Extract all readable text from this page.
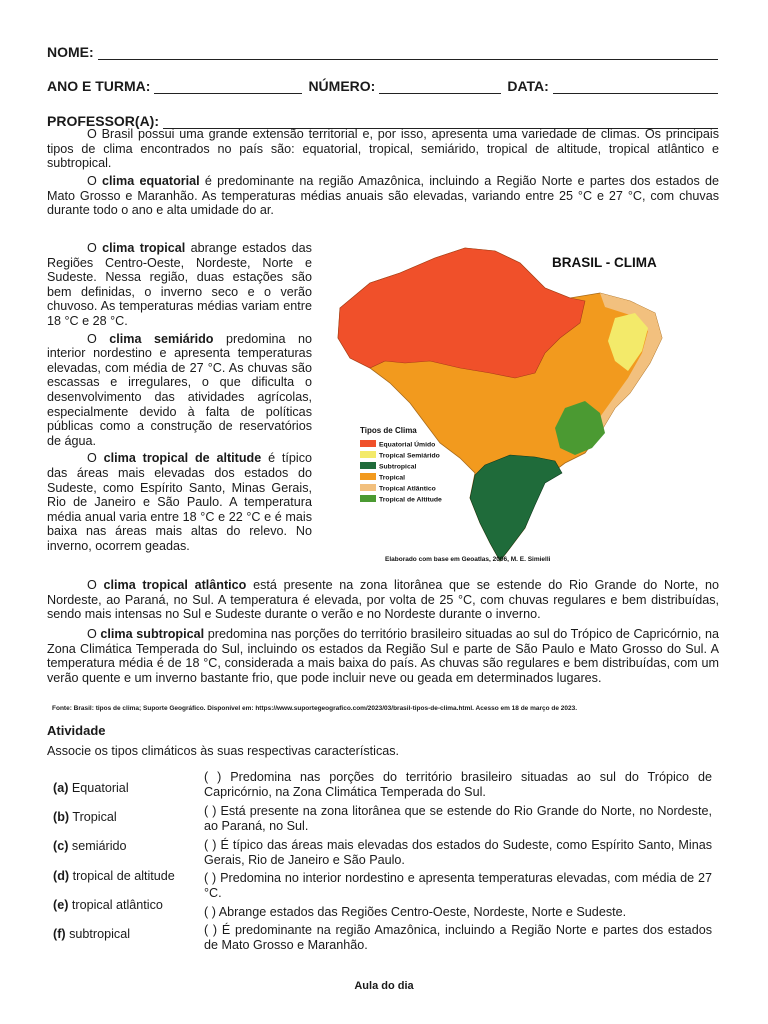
NOME:
ANO E TURMA:	NÚMERO:	DATA:
PROFESSOR(A):

O Brasil possui uma grande extensão territorial e, por isso, apresenta uma variedade de climas. Os principais tipos de clima encontrados no país são: equatorial, tropical, semiárido, tropical de altitude, tropical atlântico e subtropical.

O clima equatorial é predominante na região Amazônica, incluindo a Região Norte e partes dos estados de Mato Grosso e Maranhão. As temperaturas médias anuais são elevadas, variando entre 25 °C e 27 °C, com chuvas durante todo o ano e alta umidade do ar.

O clima tropical abrange estados das Regiões Centro-Oeste, Nordeste, Norte e Sudeste. Nessa região, duas estações são bem definidas, o inverno seco e o verão chuvoso. As temperaturas médias variam entre 18 °C e 28 °C.

O clima semiárido predomina no interior nordestino e apresenta temperaturas elevadas, com média de 27 °C. As chuvas são escassas e irregulares, o que dificulta o desenvolvimento das atividades agrícolas, especialmente devido à falta de políticas públicas como a construção de reservatórios de água.

O clima tropical de altitude é típico das áreas mais elevadas dos estados do Sudeste, como Espírito Santo, Minas Gerais, Rio de Janeiro e São Paulo. A temperatura média anual varia entre 18 °C e 22 °C e é mais baixa nas áreas mais altas do relevo. No inverno, ocorrem geadas.

BRASIL - CLIMA
Tipos de Clima
Equatorial Úmido
Tropical Semiárido
Subtropical
Tropical
Tropical Atlântico
Tropical de Altitude
Elaborado com base em Geoatlas, 2006, M. E. Simielli

O clima tropical atlântico está presente na zona litorânea que se estende do Rio Grande do Norte, no Nordeste, ao Paraná, no Sul. A temperatura é elevada, por volta de 25 °C, com chuvas regulares e bem distribuídas, sendo mais intensas no Sul e Sudeste durante o verão e no Nordeste durante o inverno.

O clima subtropical predomina nas porções do território brasileiro situadas ao sul do Trópico de Capricórnio, na Zona Climática Temperada do Sul, incluindo os estados da Região Sul e parte de São Paulo e Mato Grosso do Sul. A temperatura média é de 18 °C, considerada a mais baixa do país. As chuvas são regulares e bem distribuídas, com um verão quente e um inverno bastante frio, que pode incluir neve ou geada em determinados lugares.

Fonte: Brasil: tipos de clima; Suporte Geográfico. Disponível em: https://www.suportegeografico.com/2023/03/brasil-tipos-de-clima.html. Acesso em 18 de março de 2023.
Atividade
Associe os tipos climáticos às suas respectivas características.
(a) Equatorial
(b) Tropical
(c) semiárido
(d) tropical de altitude
(e) tropical atlântico
(f) subtropical
( ) Predomina nas porções do território brasileiro situadas ao sul do Trópico de Capricórnio, na Zona Climática Temperada do Sul.
( ) Está presente na zona litorânea que se estende do Rio Grande do Norte, no Nordeste, ao Paraná, no Sul.
( ) É típico das áreas mais elevadas dos estados do Sudeste, como Espírito Santo, Minas Gerais, Rio de Janeiro e São Paulo.
( ) Predomina no interior nordestino e apresenta temperaturas elevadas, com média de 27 °C.
( ) Abrange estados das Regiões Centro-Oeste, Nordeste, Norte e Sudeste.
( ) É predominante na região Amazônica, incluindo a Região Norte e partes dos estados de Mato Grosso e Maranhão.
Aula do dia
